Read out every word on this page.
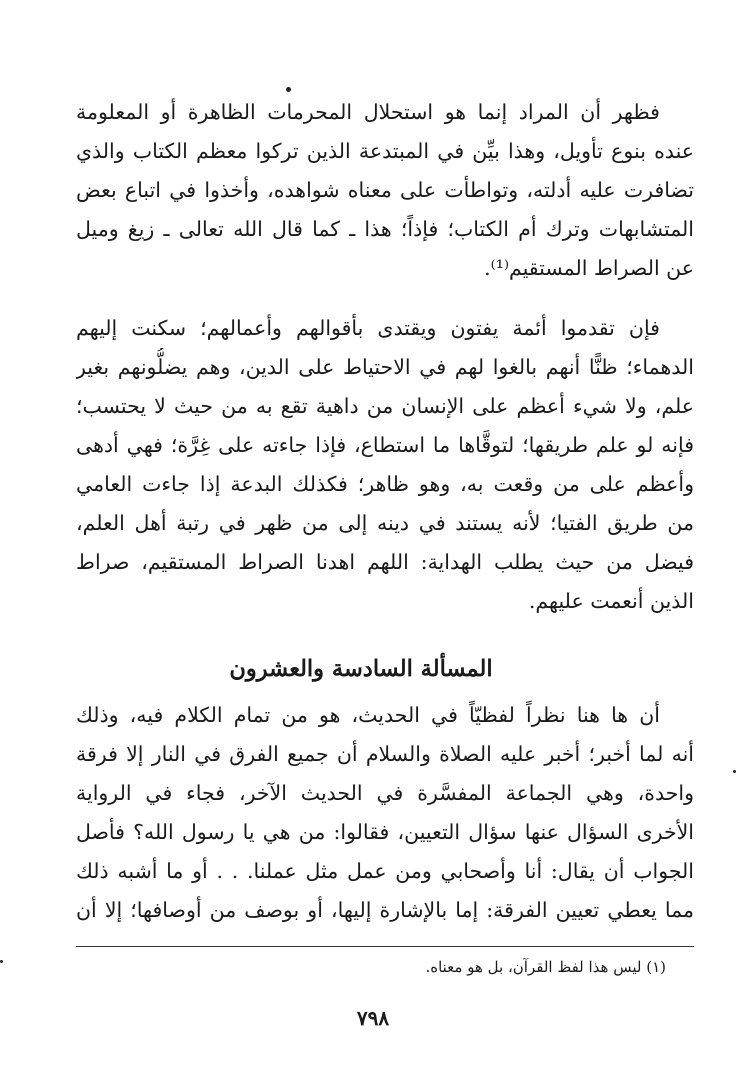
فظهر أن المراد إنما هو استحلال المحرمات الظاهرة أو المعلومة
عنده بنوع تأويل، وهذا بيِّن في المبتدعة الذين تركوا معظم الكتاب والذي
تضافرت عليه أدلته، وتواطأت على معناه شواهده، وأخذوا في اتباع بعض
المتشابهات وترك أم الكتاب؛ فإذاً؛ هذا ـ كما قال الله تعالى ـ زيغ وميل
عن الصراط المستقيم⁽¹⁾.
فإن تقدموا أئمة يفتون ويقتدى بأقوالهم وأعمالهم؛ سكنت إليهم
الدهماء؛ ظنًّا أنهم بالغوا لهم في الاحتياط على الدين، وهم يضلُّونهم بغير
علم، ولا شيء أعظم على الإنسان من داهية تقع به من حيث لا يحتسب؛
فإنه لو علم طريقها؛ لتوقَّاها ما استطاع، فإذا جاءته على غِرَّة؛ فهي أدهى
وأعظم على من وقعت به، وهو ظاهر؛ فكذلك البدعة إذا جاءت العامي
من طريق الفتيا؛ لأنه يستند في دينه إلى من ظهر في رتبة أهل العلم،
فيضل من حيث يطلب الهداية: اللهم اهدنا الصراط المستقيم، صراط
الذين أنعمت عليهم.
المسألة السادسة والعشرون
أن ها هنا نظراً لفظيّاً في الحديث، هو من تمام الكلام فيه، وذلك
أنه لما أخبر؛ أخبر عليه الصلاة والسلام أن جميع الفرق في النار إلا فرقة
واحدة، وهي الجماعة المفسَّرة في الحديث الآخر، فجاء في الرواية
الأخرى السؤال عنها سؤال التعيين، فقالوا: من هي يا رسول الله؟ فأصل
الجواب أن يقال: أنا وأصحابي ومن عمل مثل عملنا. . . أو ما أشبه ذلك
مما يعطي تعيين الفرقة: إما بالإشارة إليها، أو بوصف من أوصافها؛ إلا أن
(١) ليس هذا لفظ القرآن، بل هو معناه.
٧٩٨
